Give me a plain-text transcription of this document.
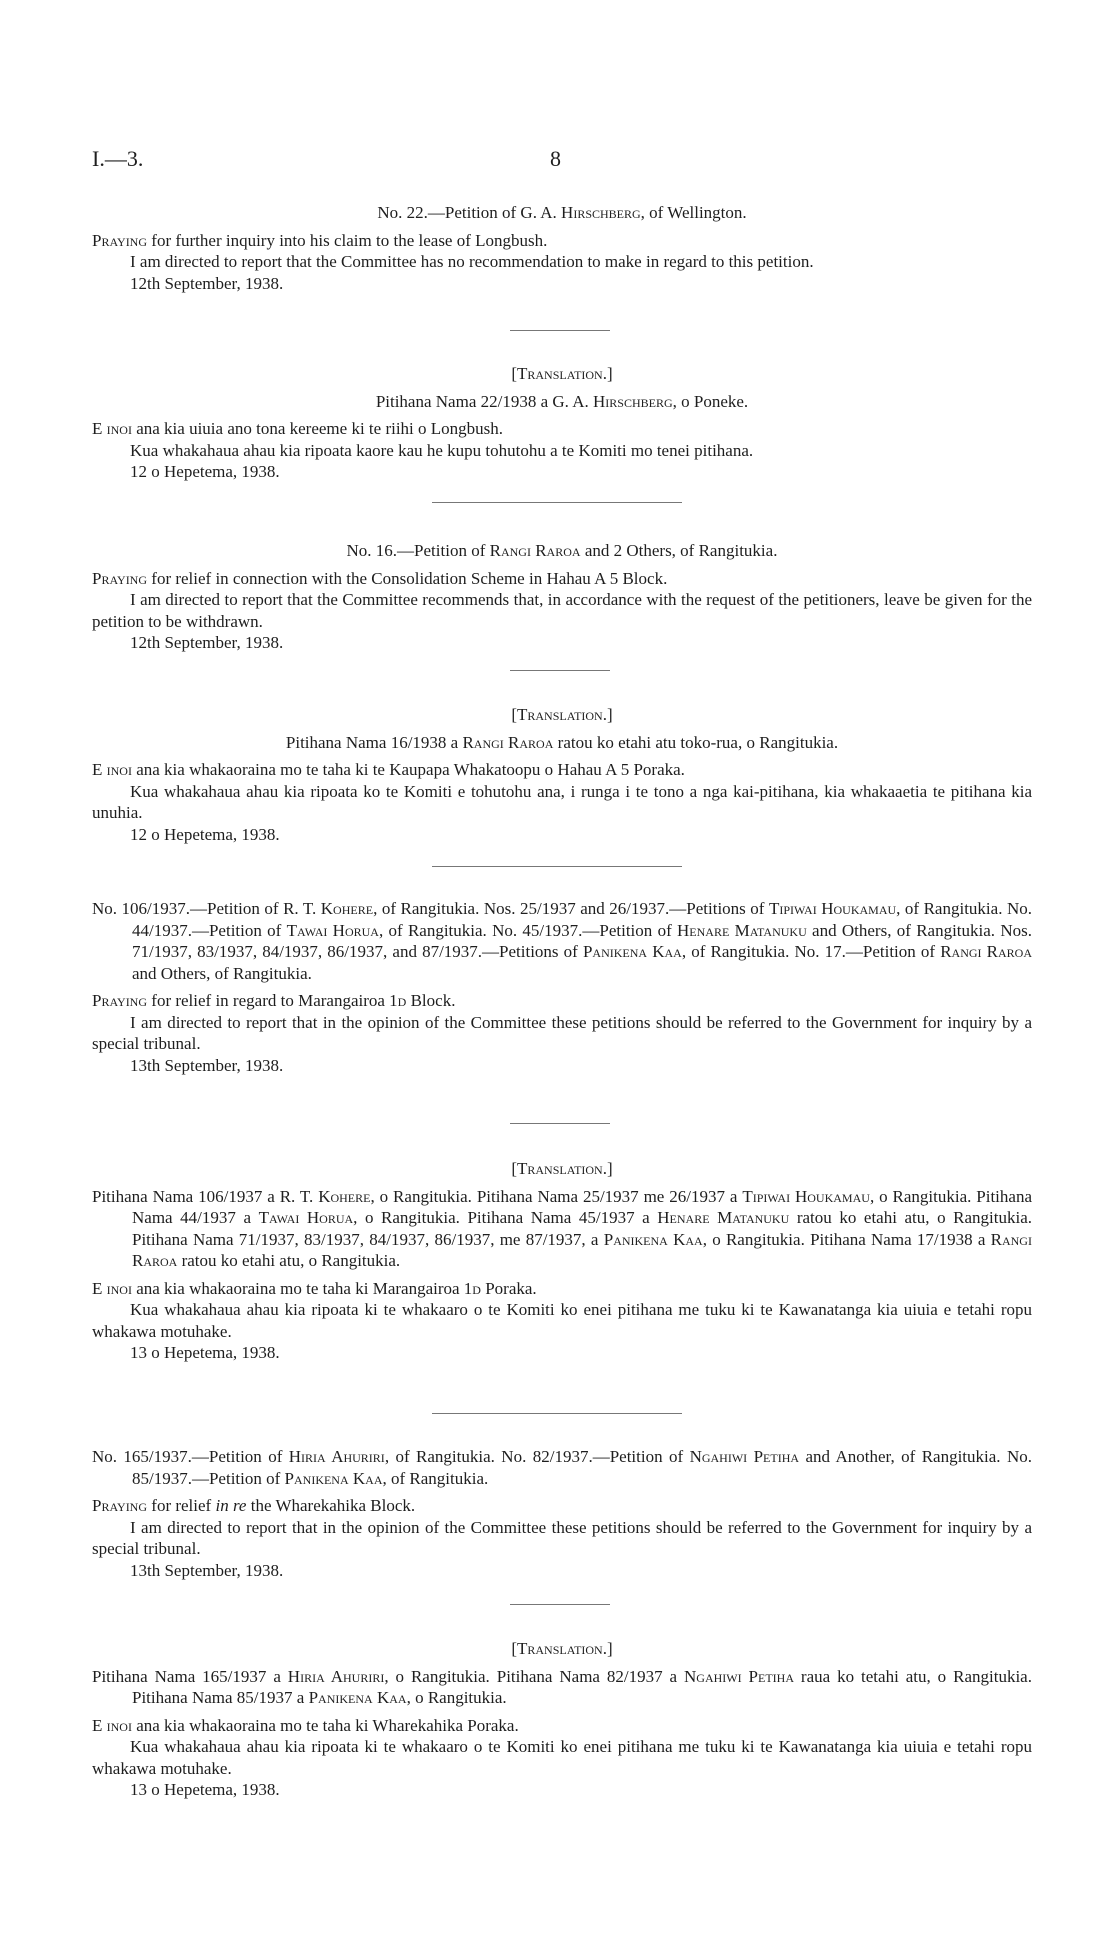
I.—3.	8
No. 22.—Petition of G. A. Hirschberg, of Wellington.
Praying for further inquiry into his claim to the lease of Longbush.
I am directed to report that the Committee has no recommendation to make in regard to this petition.
12th September, 1938.
[Translation.]
Pitihana Nama 22/1938 a G. A. Hirschberg, o Poneke.
E inoi ana kia uiuia ano tona kereeme ki te riihi o Longbush.
Kua whakahaua ahau kia ripoata kaore kau he kupu tohutohu a te Komiti mo tenei pitihana.
12 o Hepetema, 1938.
No. 16.—Petition of Rangi Raroa and 2 Others, of Rangitukia.
Praying for relief in connection with the Consolidation Scheme in Hahau A 5 Block.
I am directed to report that the Committee recommends that, in accordance with the request of the petitioners, leave be given for the petition to be withdrawn.
12th September, 1938.
[Translation.]
Pitihana Nama 16/1938 a Rangi Raroa ratou ko etahi atu toko-rua, o Rangitukia.
E inoi ana kia whakaoraina mo te taha ki te Kaupapa Whakatoopu o Hahau A 5 Poraka.
Kua whakahaua ahau kia ripoata ko te Komiti e tohutohu ana, i runga i te tono a nga kai-pitihana, kia whakaaetia te pitihana kia unuhia.
12 o Hepetema, 1938.
No. 106/1937.—Petition of R. T. Kohere, of Rangitukia. Nos. 25/1937 and 26/1937.—Petitions of Tipiwai Houkamau, of Rangitukia. No. 44/1937.—Petition of Tawai Horua, of Rangitukia. No. 45/1937.—Petition of Henare Matanuku and Others, of Rangitukia. Nos. 71/1937, 83/1937, 84/1937, 86/1937, and 87/1937.—Petitions of Panikena Kaa, of Rangitukia. No. 17.—Petition of Rangi Raroa and Others, of Rangitukia.
Praying for relief in regard to Marangairoa 1d Block.
I am directed to report that in the opinion of the Committee these petitions should be referred to the Government for inquiry by a special tribunal.
13th September, 1938.
[Translation.]
Pitihana Nama 106/1937 a R. T. Kohere, o Rangitukia. Pitihana Nama 25/1937 me 26/1937 a Tipiwai Houkamau, o Rangitukia. Pitihana Nama 44/1937 a Tawai Horua, o Rangitukia. Pitihana Nama 45/1937 a Henare Matanuku ratou ko etahi atu, o Rangitukia. Pitihana Nama 71/1937, 83/1937, 84/1937, 86/1937, me 87/1937, a Panikena Kaa, o Rangitukia. Pitihana Nama 17/1938 a Rangi Raroa ratou ko etahi atu, o Rangitukia.
E inoi ana kia whakaoraina mo te taha ki Marangairoa 1d Poraka.
Kua whakahaua ahau kia ripoata ki te whakaaro o te Komiti ko enei pitihana me tuku ki te Kawanatanga kia uiuia e tetahi ropu whakawa motuhake.
13 o Hepetema, 1938.
No. 165/1937.—Petition of Hiria Ahuriri, of Rangitukia. No. 82/1937.—Petition of Ngahiwi Petiha and Another, of Rangitukia. No. 85/1937.—Petition of Panikena Kaa, of Rangitukia.
Praying for relief in re the Wharekahika Block.
I am directed to report that in the opinion of the Committee these petitions should be referred to the Government for inquiry by a special tribunal.
13th September, 1938.
[Translation.]
Pitihana Nama 165/1937 a Hiria Ahuriri, o Rangitukia. Pitihana Nama 82/1937 a Ngahiwi Petiha raua ko tetahi atu, o Rangitukia. Pitihana Nama 85/1937 a Panikena Kaa, o Rangitukia.
E inoi ana kia whakaoraina mo te taha ki Wharekahika Poraka.
Kua whakahaua ahau kia ripoata ki te whakaaro o te Komiti ko enei pitihana me tuku ki te Kawanatanga kia uiuia e tetahi ropu whakawa motuhake.
13 o Hepetema, 1938.
